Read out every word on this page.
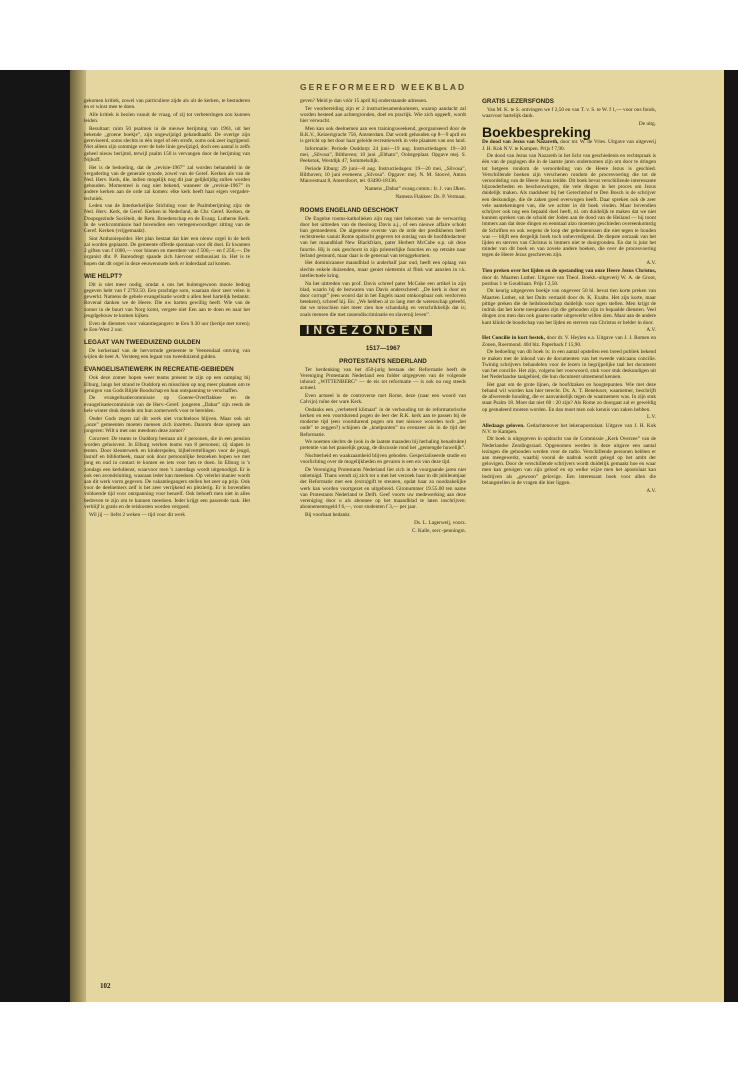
GEREFORMEERD WEEKBLAD

gekomen kritiek, zowel van particuliere zijde als uit de kerken, te bestuderen en er winst mee te doen.

Alle kritiek is bezien vanuit de vraag, of zij tot verbeteringen zou kunnen leiden.

Resultaat: ruim 50 psalmen in de nieuwe berijming van 1961, uit het bekende „groene boekje”, zijn ongewijzigd gehandhaafd. De overige zijn gereviseerd, soms slechts in één regel of één strofe, soms ook zeer ingrijpend. Niet alleen zijn sommige over de hele linie gewijzigd, doch een aantal is zelfs geheel nieuw berijmd, terwijl psalm 150 is vervangen door de berijming van Nijhoff.

Het is de bedoeling, dat de „revisie-1967” zal worden behandeld in de vergadering van de generale synode, zowel van de Geref. Kerken als van de Ned. Herv. Kerk, die, indien mogelijk nog dit jaar gelijktijdig zullen worden gehouden. Momenteel is nog niet bekend, wanneer de „revisie-1967” in andere kerken aan de orde zal komen: elke kerk heeft haar eigen vergader-techniek.

Leden van de Interkerkelijke Stichting voor de Psalmberijming zijn: de Ned. Herv. Kerk, de Geref. Kerken in Nederland, de Chr. Geref. Kerken, de Doopsgezinde Sociëteit, de Rem. Broederschap en de Evang. Lutherse Kerk. In de werkcommissie had bovendien een vertegenwoordiger zitting van de Geref. Kerken (vrijgemaakt).

Sint Anthoniepolder. Het plan bestaat dat hier een nieuw orgel in de kerk zal worden geplaatst. De gemeente offerde spontaan voor dit doel. Er kwamen 2 giften van f 1000,— voor binnen en meerdere van f 500,— en f 250,—. De organist dhr. P. Barendregt spande zich hiervoor enthousiast in. Het is te hopen dat dit orgel in deze eeuwenoude kerk er inderdaad zal komen.

WIE HELPT?

Dit is niet meer nodig, omdat u ons het buitengewoon mooie bedrag gegeven hebt van f 2793.50. Een prachtige som, waaraan door zeer velen is gewerkt. Namens de gehele evangelisatie wordt u allen heel hartelijk bedankt. Bovenal danken we de Heere. Die uw harten gewillig heeft. Wie van de zomer in de buurt van Norg komt, vergete niet Een aan te doen en naar het jeugdgebouw te komen kijken.

Even de diensten voor vakantiegangers: te Een 9.30 uur (kerkje met toren); te Een-West 2 uur.

LEGAAT VAN TWEEDUIZEND GULDEN

De kerkeraad van de hervormde gemeente te Veenendaal ontving van wijlen de heer A. Versteeg een legaat van tweeduizend gulden.

EVANGELISATIEWERK IN RECREATIE-GEBIEDEN

Ook deze zomer hopen weer teams present te zijn op een camping bij Elburg, langs het strand te Ouddorp en misschien op nog meer plaatsen om te getuigen van Gods Blijde Boodschap en hun ontspanning te verschaffen.

De evangelisatiecommissie op Goeree-Overflakkee en de evangelisatiecommissie van de Herv.-Geref. jongeren „Dabar” zijn reeds de hele winter druk doende om hun zomerwerk voor te bereiden.

Onder Gods zegen zal dit werk niet vruchteloos blijven. Maar ook uit „onze” gemeenten moeten mensen zich inzetten. Daarom deze oproep aan jongeren: Wilt u met ons meedoen deze zomer?

Concreet: De teams te Ouddorp bestaan uit 4 personen, die in een pension worden gehuisvest. In Elburg werken teams van 8 personen; zij slapen in tenten. Door kleuterwerk en kinderspelen, bijbelvertellingen voor de jeugd, instuif en bibliotheek, maar ook door persoonlijke bezoeken hopen we met jong en oud in contact te komen en iets voor hen te doen. In Elburg is 's zondags een kerkdienst, waarvoor men 's zaterdags wordt uitgenodigd. Er is ook een avondsluiting, waaraan ieder kan meedoen. Op velerlei manier wordt aan dit werk vorm gegeven. De vakantiegangers stellen het zeer op prijs. Ook voor de deelnemers zelf is het zeer verrijkend en plezierig. Er is bovendien voldoende tijd voor ontspanning voor henzelf. Ook behoeft men niet in alles bedreven te zijn om te kunnen meedoen. Ieder krijgt een passende taak. Het verblijf is gratis en de reiskosten worden vergoed.

Wil jij — liefst 2 weken — tijd voor dit werk

geven? Meld je dan vóór 15 april bij onderstaande adressen.

Ter voorbereiding zijn er 2 instructiesamenkomsten, waarop aandacht zal worden besteed aan achtergronden, doel en practijk. Wie zich opgeeft, wordt hier verwacht.

Men kan ook deelnemen aan een trainingsweekend, georganiseerd door de B.K.V., Keizersgracht 756, Amsterdam. Dat wordt gehouden op 8—9 april en is gericht op het door haar geleide recreatiewerk in vele plaatsen van ons land.

Informatie: Periode Ouddorp: 24 juni—19 aug. Instructiedagen: 19—20 mei, „Silvosa”, Bilthoven; 10 juni „Elthato”, Oolstgeplaat. Opgave mej. S. Peekstok, Westdijk 47, Sommelsdijk.

Periode Elburg: 29 juni—8 aug. Instructiedagen: 19—20 mei, „Silvosa”, Bilthoven; 10 juni eveneens „Silvosa”. Opgave: mej. N. M. Stoové, Anton Mauvestraat 8, Amersfoort, tel. 03490-18136.

Namens „Dabar” evang.comm.: Ir. J. van IJken.
Namens Flakkee: Ds. P. Vermaat.
ROOMS ENGELAND GESCHOKT

De Engelse rooms-katholieken zijn nog niet bekomen van de verwarring door het uittreden van de theoloog Davis a.j., of een nieuwe affaire schokt hun gemoederen. De algemene overste van de orde der predikheren heeft rechtstreeks vanuit Rome opdracht gegeven tot ontslag van de hoofdredacteur van het maandblad New Blackfriars, pater Herbert McCabe o.p. uit deze functie. Hij is ook geschorst in zijn priesterlijke functies en op retraite naar Ierland gestuurd, maar daar is de generaal van teruggekomen.

Het dominicaanse maandblad is anderhalf jaar oud, heeft een oplaag van slechts enkele duizenden, maar geniet niettemin al flink wat aanzien in r.k. intellectuele kring.

Na het uittreden van prof. Davis schreef pater McCabe een artikel in zijn blad, waarin hij de bezwaren van Davis onderschreef: „De kerk is door en door corrupt” (een woord dat in het Engels naast omkoopbaar ook verdorven betekent), schreef hij. En: „We hebben al zo lang met de wetenschap geleefd, dat we misschien niet meer zien hoe schandalig en verschrikkelijk dat is; zoals mensen die met rassendiscriminatie en slavernij leven”.

INGEZONDEN
1517—1967
PROTESTANTS NEDERLAND

Ter herdenking van het 450-jarig bestaan der Reformatie heeft de Vereniging Protestants Nederland een folder uitgegeven van de volgende inhoud: „WITTENBERG” — de eis tot reformatie — is ook nu nog steeds actueel.

Even actueel is de controverse met Rome, deze (naar een woord van Calvijn) ruïne der ware Kerk.

Ondanks een „verbeterd klimaat” in de verhouding tot de reformatorische kerken en een voortdurend pogen de leer der R.K. kerk aan te passen bij de moderne tijd (een voortdurend pogen om met nieuwe woorden toch „het oude” te zeggen?) schijnen de „knelpunten” nu evenzeer als in de tijd der Reformatie.

We noemen slechts de (ook in de laatste maanden bij herhaling benadrukte) pretentie van het pauselijk gezag, de discussie rond het „gemengde huwelijk”.

Nuchterheid en waakzaamheid blijven geboden. Gespecialiseerde studie en voorlichting over de mogelijkheden en gevaren is een eis van deze tijd.

De Vereniging Protestants Nederland liet zich in de voorgaande jaren niet onbetuigd. Thans wendt zij zich tot u met het verzoek haar in dit jubileumjaar der Reformatie met een (extra)gift te steunen, opdat haar zo noodzakelijke werk kan worden voortgezet en uitgebreid. Gironummer 19.55.00 ten name van Protestants Nederland te Delft. Geef voorts uw medewerking aan deze vereniging door u als abonnee op het maandblad te laten inschrijven: abonnementsgeld f 6,—, voor studenten f 3,— per jaar.

Bij voorbaat bedankt.

Ds. L. Lagerweij, voorz.
C. Kalle, secr.-penningm.
GRATIS LEZERSFONDS

Van M. K. te S. ontvingen we f 2,50 en van T. v. S. te W. f 1,— voor ons fonds, waarvoor hartelijk dank.

De uitg.
Boekbespreking

De dood van Jezus van Nazareth, door mr. W. de Vries. Uitgave van uitgeverij J. H. Kok N.V. te Kampen. Prijs f 7,90.

De dood van Jezus van Nazareth in het licht van geschiedenis en rechtspraak is één van de pogingen die in de laatste jaren ondernomen zijn om door te dringen tot hetgeen rondom de veroordeling van de Heere Jezus is geschied. Verschillende boeken zijn verschenen rondom de procesvoering die tot de veroordeling van de Heere Jezus leidde. Dit boek bevat verschillende interessante bijzonderheden en beschouwingen, die vele dingen in het proces om Jezus duidelijk maken. Als raadsheer bij het Gerechtshof te Den Bosch is de schrijver een deskundige, die de zaken goed overwogen heeft. Daar spreken ook de zeer vele aantekeningen van, die we achter in dit boek vinden. Maar bovendien schrijver ook nog een bepaald doel heeft, nl. om duidelijk te maken dat we niet kunnen spreken van de schuld der Joden aan de dood van de Heiland — hij toont immers aan dat deze dingen en eenmaal alzo moesten geschieden overeenkomstig de Schriften en ook wegens de loop der geheimenissen die niet tegen te houden was — blijft een dergelijk boek toch onbevredigend. De diepste oorzaak van het lijden en sterven van Christus is immers niet te doorgronden. En dat is juist het minder van dit boek en van zovele andere boeken, die over de procesvoering tegen de Heere Jezus geschreven zijn.

A.V.

Tien preken over het lijden en de opstanding van onze Heere Jezus Christus, door dr. Maarten Luther. Uitgave van Theol. Boekh.-uitgeverij W. A. de Groot, postbus 1 te Goudriaan. Prijs f 2,50.

Dit keurig uitgegeven boekje van ongeveer 50 bl. bevat tien korte preken van Maarten Luther, uit het Duits vertaald door ds. K. Exalto. Het zijn korte, maar pittige preken die de heilsboodschap duidelijk voor ogen stellen. Men krijgt de indruk dat het korte toespraken zijn die gehouden zijn in bepaalde diensten. Veel dingen zou men dan ook gaarne nader uitgewerkt willen zien. Maar aan de andere kant klinkt de boodschap van het lijden en sterven van Christus er helder in door.

A.V.

Het Concilie in kort bestek, door dr. V. Heylen e.a. Uitgave van J. J. Romen en Zonen, Roermond. 404 blz. Paperback f 15,90.

De bedoeling van dit boek is: in een aantal opstellen een breed publiek bekend te maken met de inhoud van de documenten van het tweede vaticaans concilie. Twintig schrijvers behandelen voor de lezers in begrijpelijke taal het document van het concilie. Het zijn, volgens het voorwoord, stuk voor stuk deskundigen uit het Nederlandse taalgebied, die hun document uitnemend kennen.

Het gaat om de grote lijnen, de hoofdzaken en hoogtepunten. Wie met deze behand wil worden kan hier terecht. Ds. A. T. Beneluxer, waarnemer, beschrijft de afwerende houding, die er aanvankelijk tegen de waarnemers was. In zijn stuk staat Psalm 18. Moet dat niet 68 : 20 zijn? Als Rome zo doorgaat zal er geweldig op gestudeerd moeten worden. En dan moet men ook kennis van zaken hebben.

L.V.

Alledaags geloven. Gedachtenover het lekenapostolaat. Uitgave van J. H. Kok N.V. te Kampen.

Dit boek is uitgegeven in opdracht van de Commissie „Kerk Overzee” van de Nederlandse Zendingsraad. Opgenomen werden in deze uitgave een aantal lezingen die gehouden werden voor de radio. Verschillende personen hebben er aan meegewerkt, waarbij vooral de nadruk wordt gelegd op het ambt der gelovigen. Door de verschillende schrijvers wordt duidelijk gemaakt hoe en waar men kan getuigen van zijn geloof en op welke wijze men het apostolaat kan bedrijven als „gewoon” gelovige. Een interessant boek voor allen die belangstellen in de vragen die hier liggen.

A.V.
102
